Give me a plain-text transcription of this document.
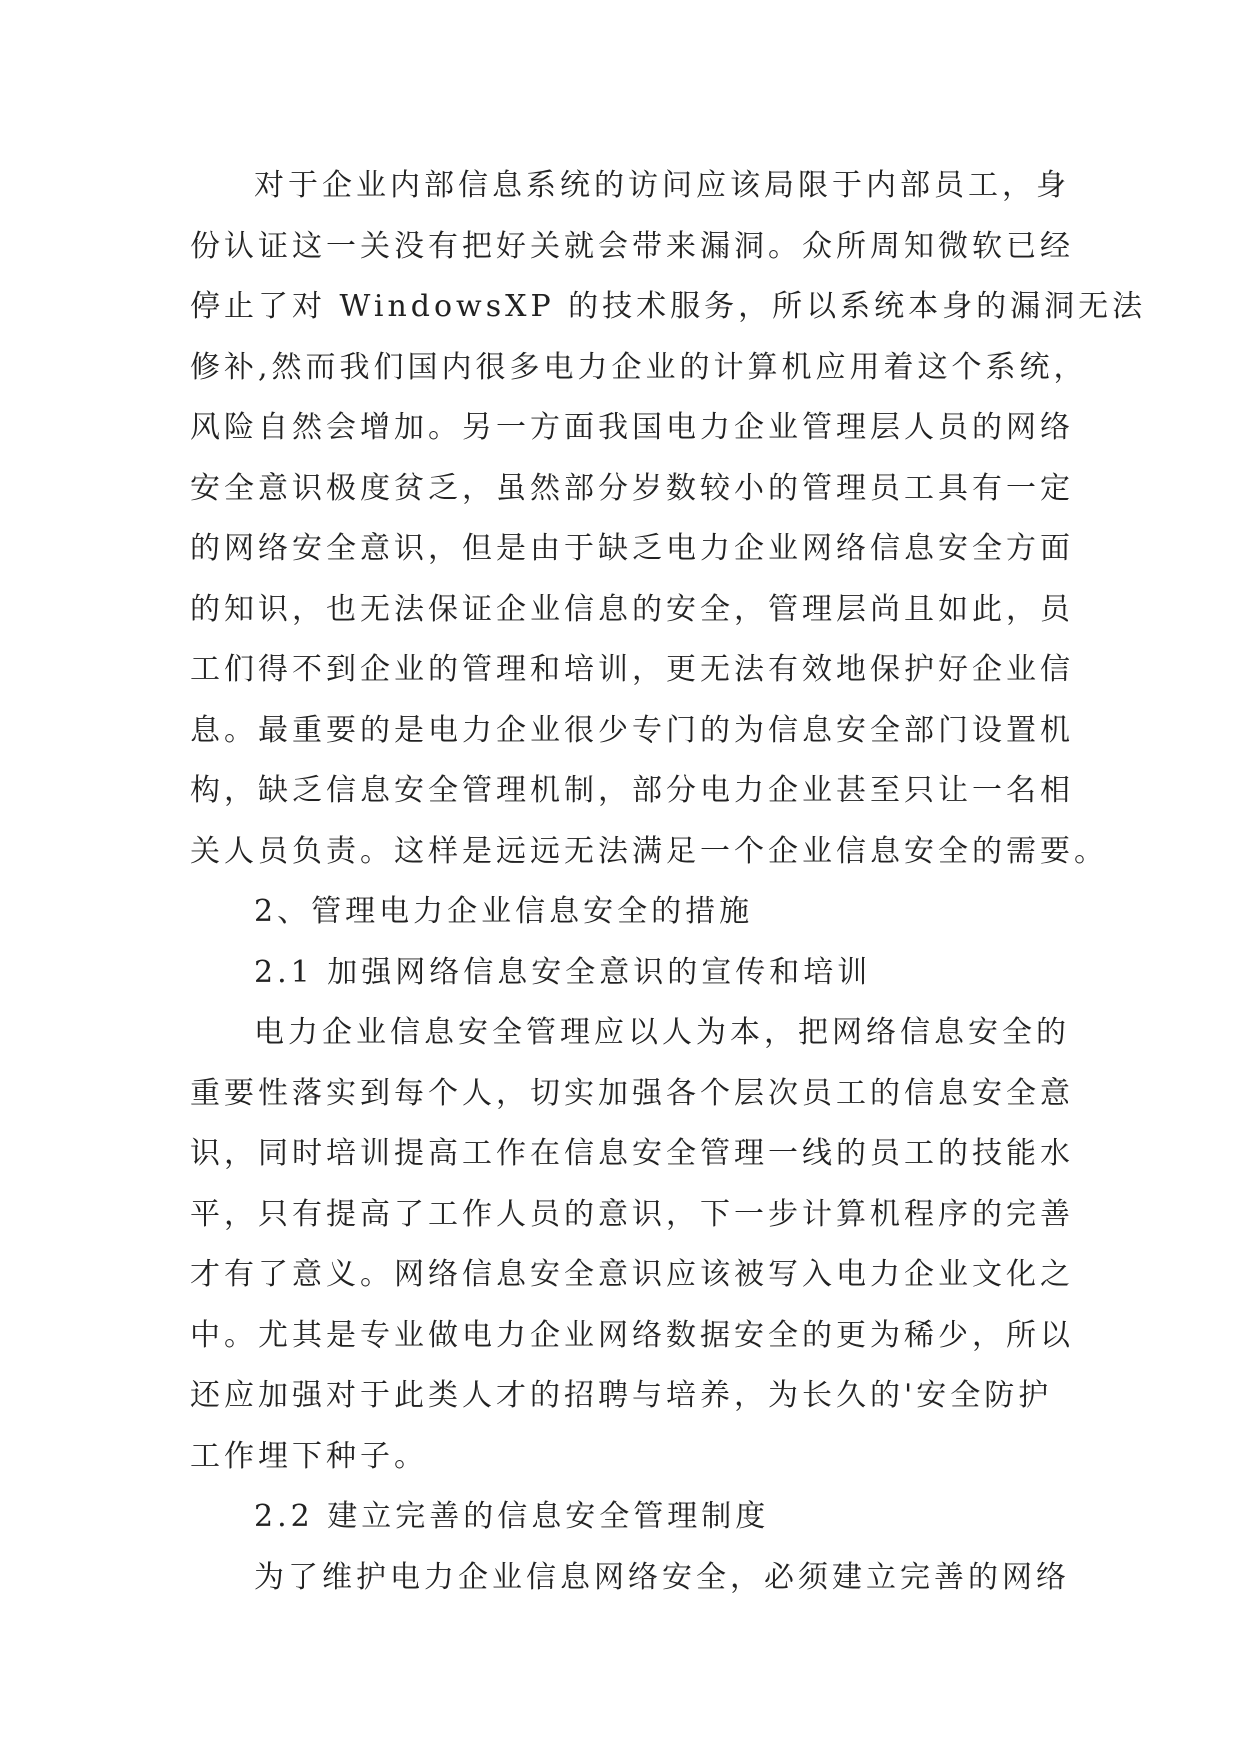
对于企业内部信息系统的访问应该局限于内部员工，身
份认证这一关没有把好关就会带来漏洞。众所周知微软已经
停止了对 WindowsXP 的技术服务，所以系统本身的漏洞无法
修补,然而我们国内很多电力企业的计算机应用着这个系统，
风险自然会增加。另一方面我国电力企业管理层人员的网络
安全意识极度贫乏，虽然部分岁数较小的管理员工具有一定
的网络安全意识，但是由于缺乏电力企业网络信息安全方面
的知识，也无法保证企业信息的安全，管理层尚且如此，员
工们得不到企业的管理和培训，更无法有效地保护好企业信
息。最重要的是电力企业很少专门的为信息安全部门设置机
构，缺乏信息安全管理机制，部分电力企业甚至只让一名相
关人员负责。这样是远远无法满足一个企业信息安全的需要。
2、管理电力企业信息安全的措施
2.1 加强网络信息安全意识的宣传和培训
电力企业信息安全管理应以人为本，把网络信息安全的
重要性落实到每个人，切实加强各个层次员工的信息安全意
识，同时培训提高工作在信息安全管理一线的员工的技能水
平，只有提高了工作人员的意识，下一步计算机程序的完善
才有了意义。网络信息安全意识应该被写入电力企业文化之
中。尤其是专业做电力企业网络数据安全的更为稀少，所以
还应加强对于此类人才的招聘与培养，为长久的'安全防护
工作埋下种子。
2.2 建立完善的信息安全管理制度
为了维护电力企业信息网络安全，必须建立完善的网络
